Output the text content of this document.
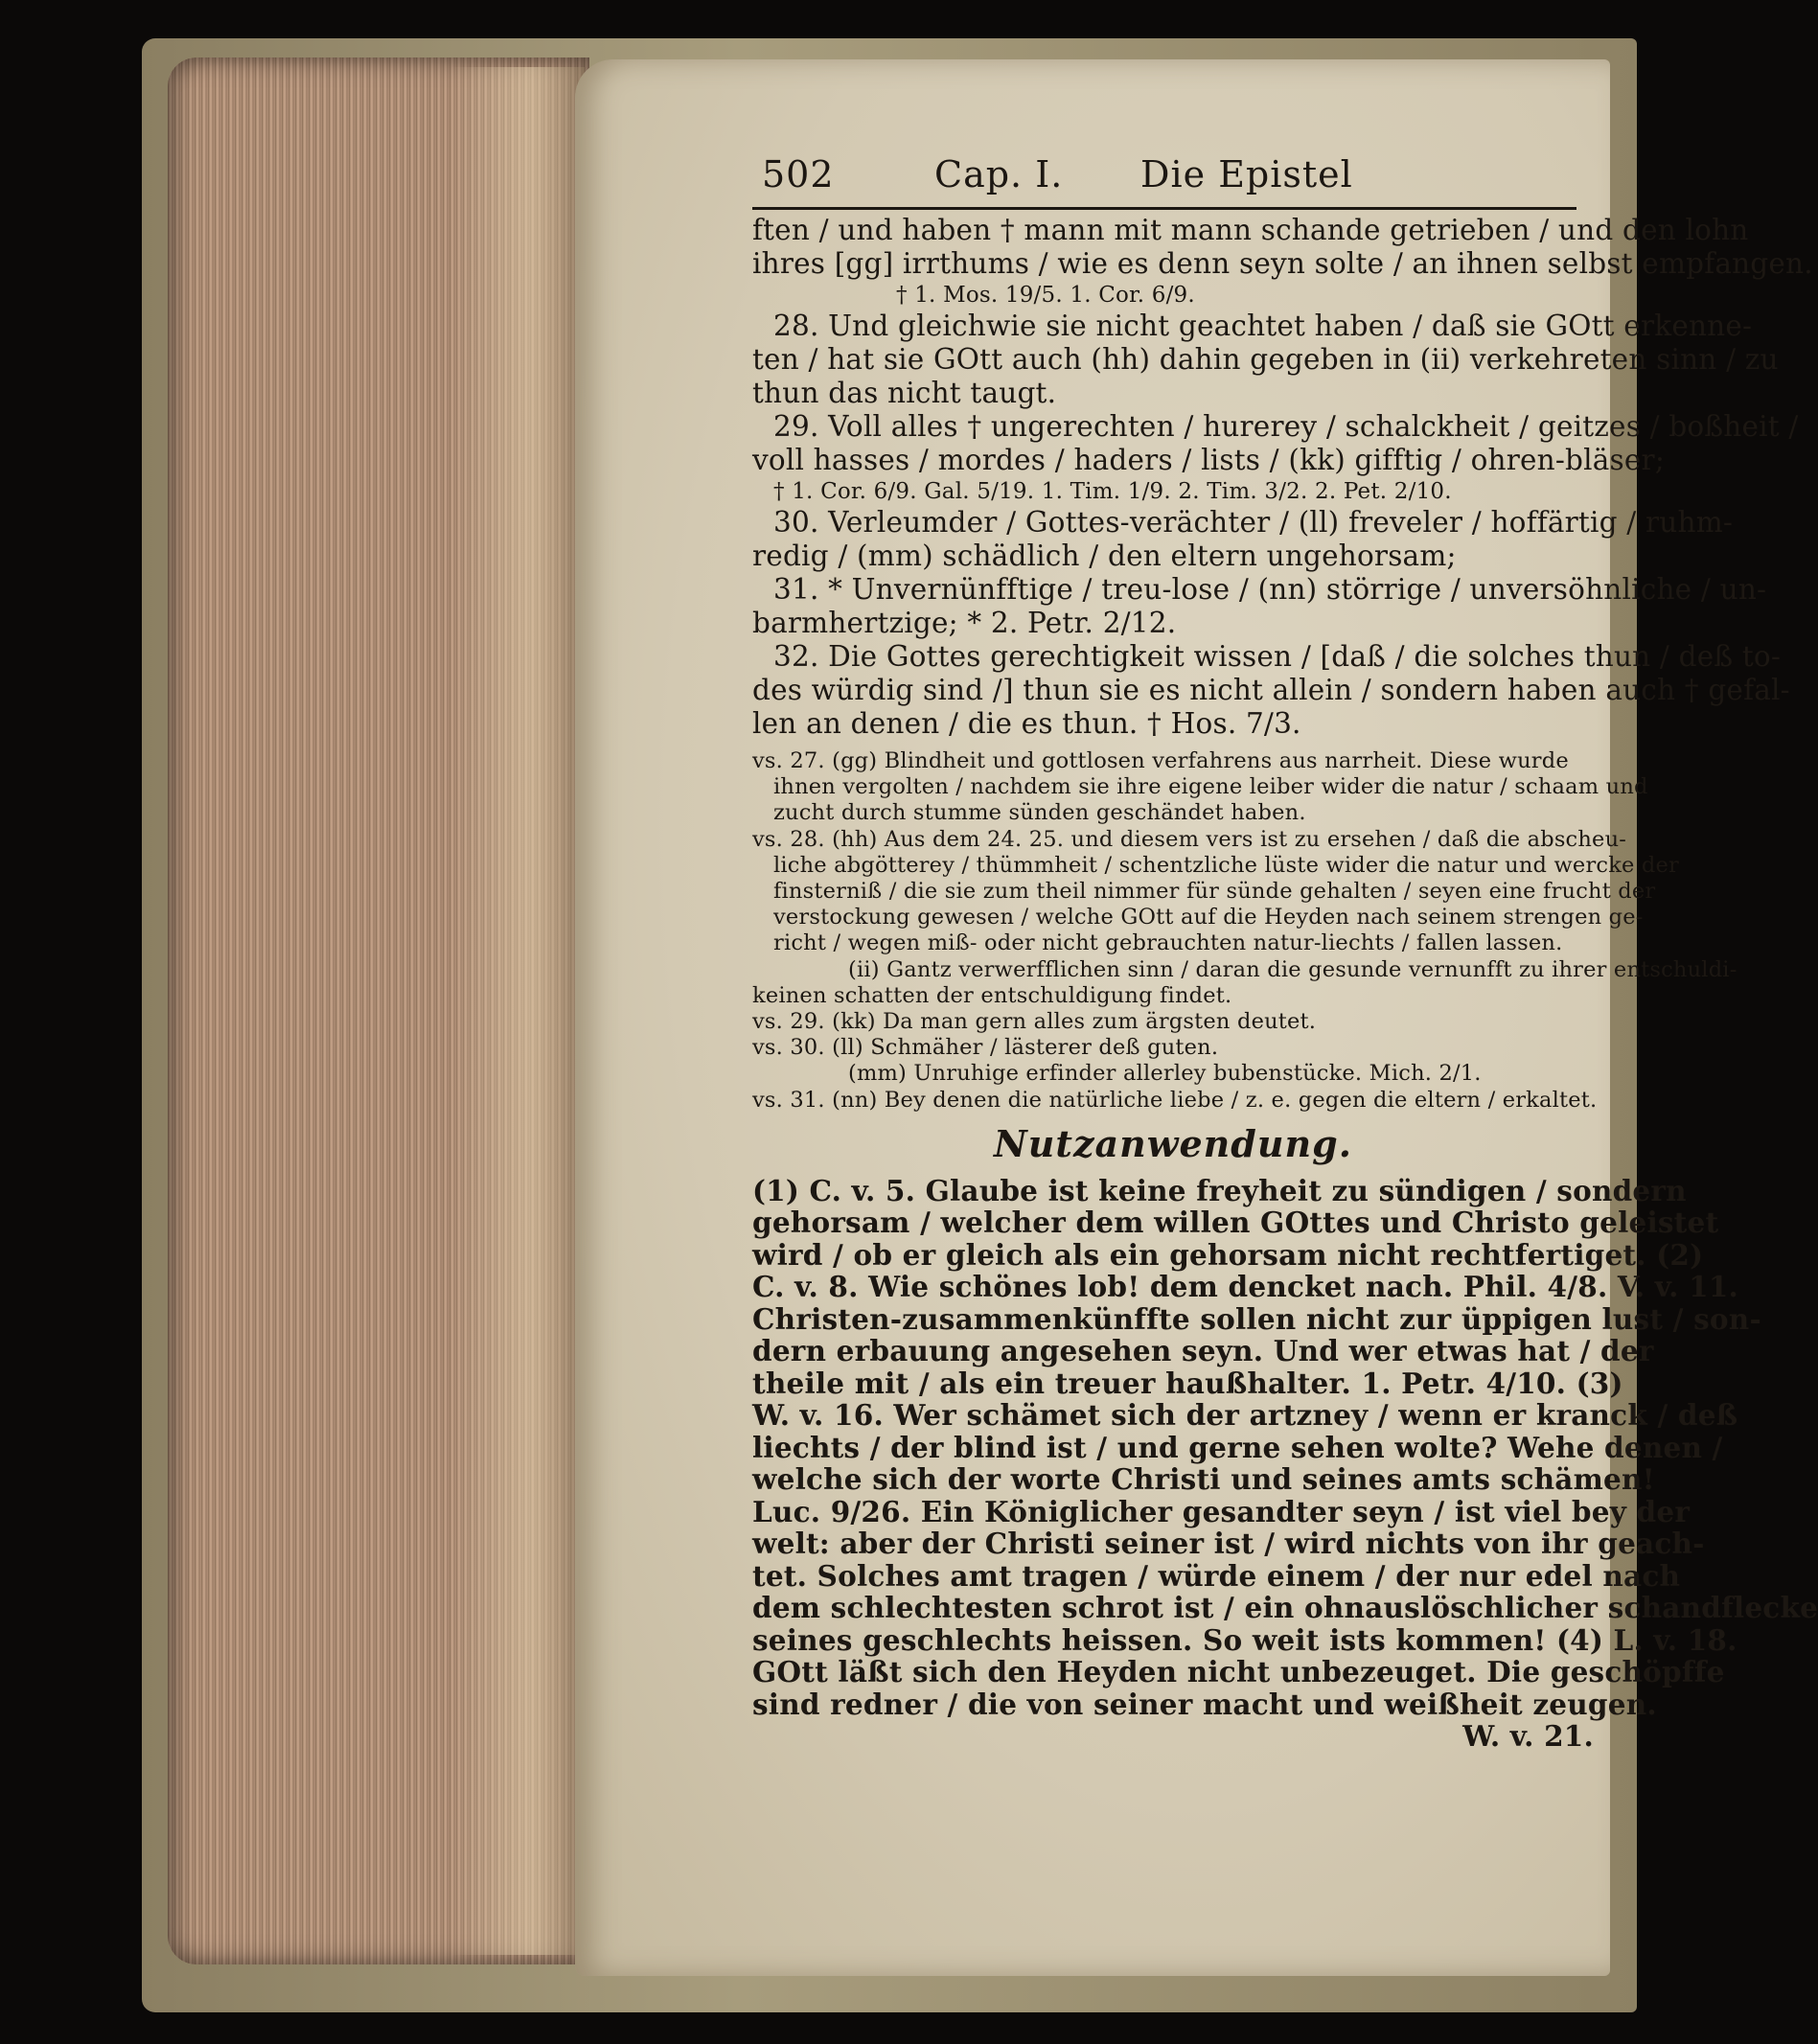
502	Cap. I. Die Epistel
ften / und haben † mann mit mann schande getrieben / und den lohn
ihres [gg] irrthums / wie es denn seyn solte / an ihnen selbst empfangen.
† 1. Mos. 19/5. 1. Cor. 6/9.
28. Und gleichwie sie nicht geachtet haben / daß sie GOtt erkenne-
ten / hat sie GOtt auch (hh) dahin gegeben in (ii) verkehreten sinn / zu
thun das nicht taugt.
29. Voll alles † ungerechten / hurerey / schalckheit / geitzes / boßheit /
voll hasses / mordes / haders / lists / (kk) gifftig / ohren-bläser;
† 1. Cor. 6/9. Gal. 5/19. 1. Tim. 1/9. 2. Tim. 3/2. 2. Pet. 2/10.
30. Verleumder / Gottes-verächter / (ll) freveler / hoffärtig / ruhm-
redig / (mm) schädlich / den eltern ungehorsam;
31. * Unvernünfftige / treu-lose / (nn) störrige / unversöhnliche / un-
barmhertzige; * 2. Petr. 2/12.
32. Die Gottes gerechtigkeit wissen / [daß / die solches thun / deß to-
des würdig sind /] thun sie es nicht allein / sondern haben auch † gefal-
len an denen / die es thun. † Hos. 7/3.
vs. 27. (gg) Blindheit und gottlosen verfahrens aus narrheit. Diese wurde
ihnen vergolten / nachdem sie ihre eigene leiber wider die natur / schaam und
zucht durch stumme sünden geschändet haben.
vs. 28. (hh) Aus dem 24. 25. und diesem vers ist zu ersehen / daß die abscheu-
liche abgötterey / thümmheit / schentzliche lüste wider die natur und wercke der
finsterniß / die sie zum theil nimmer für sünde gehalten / seyen eine frucht der
verstockung gewesen / welche GOtt auf die Heyden nach seinem strengen ge-
richt / wegen miß- oder nicht gebrauchten natur-liechts / fallen lassen.
(ii) Gantz verwerfflichen sinn / daran die gesunde vernunfft zu ihrer entschuldi-
keinen schatten der entschuldigung findet.
vs. 29. (kk) Da man gern alles zum ärgsten deutet.
vs. 30. (ll) Schmäher / lästerer deß guten.
(mm) Unruhige erfinder allerley bubenstücke. Mich. 2/1.
vs. 31. (nn) Bey denen die natürliche liebe / z. e. gegen die eltern / erkaltet.
Nutzanwendung.
(1) C. v. 5. Glaube ist keine freyheit zu sündigen / sondern
gehorsam / welcher dem willen GOttes und Christo geleistet
wird / ob er gleich als ein gehorsam nicht rechtfertiget. (2)
C. v. 8. Wie schönes lob! dem dencket nach. Phil. 4/8. V. v. 11.
Christen-zusammenkünffte sollen nicht zur üppigen lust / son-
dern erbauung angesehen seyn. Und wer etwas hat / der
theile mit / als ein treuer haußhalter. 1. Petr. 4/10. (3)
W. v. 16. Wer schämet sich der artzney / wenn er kranck / deß
liechts / der blind ist / und gerne sehen wolte? Wehe denen /
welche sich der worte Christi und seines amts schämen!
Luc. 9/26. Ein Königlicher gesandter seyn / ist viel bey der
welt: aber der Christi seiner ist / wird nichts von ihr geach-
tet. Solches amt tragen / würde einem / der nur edel nach
dem schlechtesten schrot ist / ein ohnauslöschlicher schandflecke
seines geschlechts heissen. So weit ists kommen! (4) L. v. 18.
GOtt läßt sich den Heyden nicht unbezeuget. Die geschöpffe
sind redner / die von seiner macht und weißheit zeugen.
W. v. 21.
